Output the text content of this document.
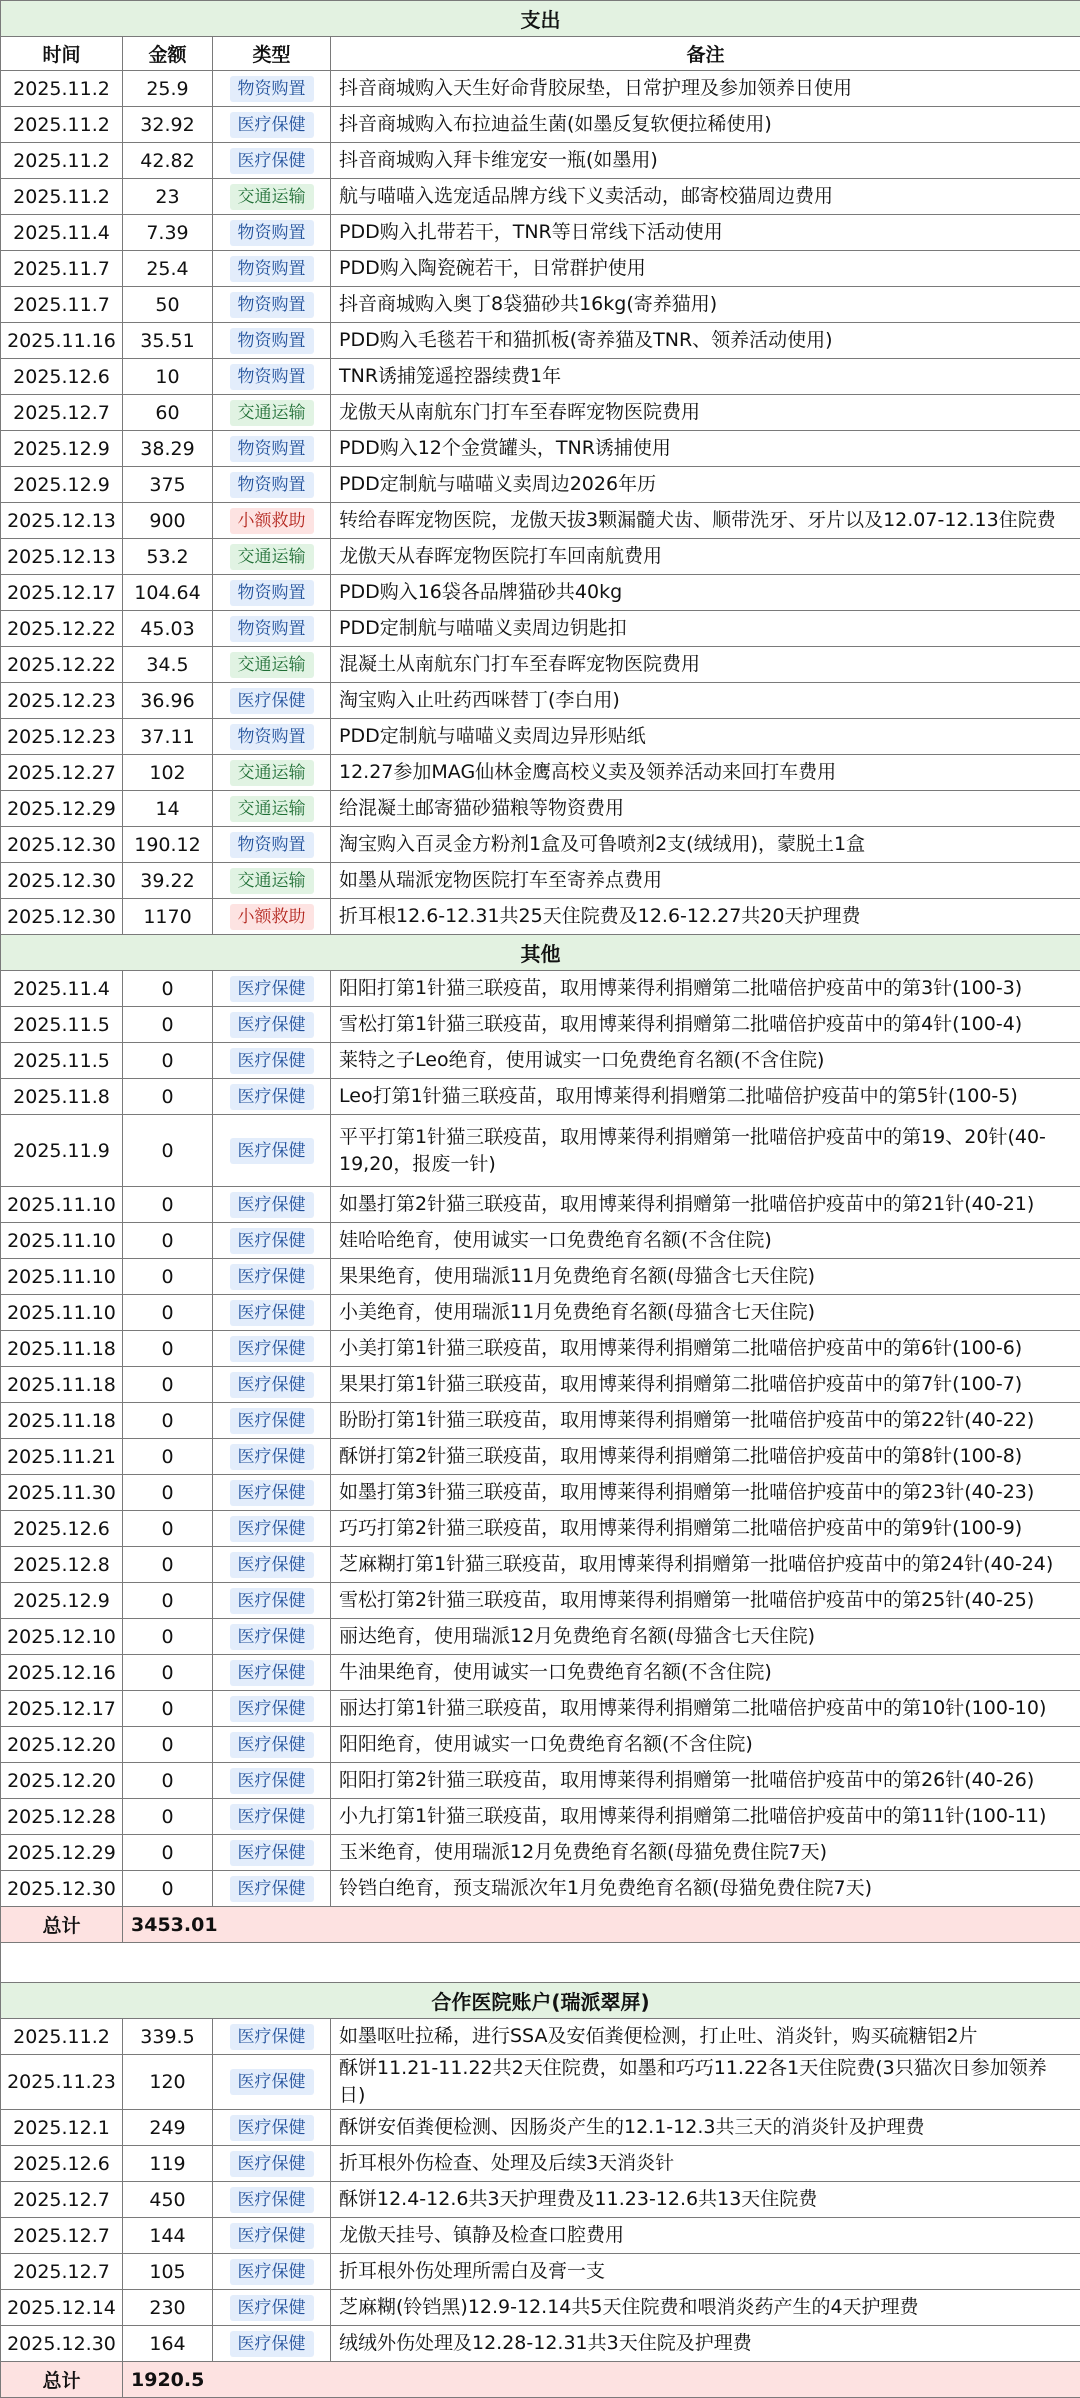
支出			
时间	金额	类型	备注
2025.11.2	25.9	物资购置	抖音商城购入天生好命背胶尿垫，日常护理及参加领养日使用
2025.11.2	32.92	医疗保健	抖音商城购入布拉迪益生菌(如墨反复软便拉稀使用)
2025.11.2	42.82	医疗保健	抖音商城购入拜卡维宠安一瓶(如墨用)
2025.11.2	23	交通运输	航与喵喵入选宠适品牌方线下义卖活动，邮寄校猫周边费用
2025.11.4	7.39	物资购置	PDD购入扎带若干，TNR等日常线下活动使用
2025.11.7	25.4	物资购置	PDD购入陶瓷碗若干，日常群护使用
2025.11.7	50	物资购置	抖音商城购入奥丁8袋猫砂共16kg(寄养猫用)
2025.11.16	35.51	物资购置	PDD购入毛毯若干和猫抓板(寄养猫及TNR、领养活动使用)
2025.12.6	10	物资购置	TNR诱捕笼遥控器续费1年
2025.12.7	60	交通运输	龙傲天从南航东门打车至春晖宠物医院费用
2025.12.9	38.29	物资购置	PDD购入12个金赏罐头，TNR诱捕使用
2025.12.9	375	物资购置	PDD定制航与喵喵义卖周边2026年历
2025.12.13	900	小额救助	转给春晖宠物医院，龙傲天拔3颗漏髓犬齿、顺带洗牙、牙片以及12.07-12.13住院费
2025.12.13	53.2	交通运输	龙傲天从春晖宠物医院打车回南航费用
2025.12.17	104.64	物资购置	PDD购入16袋各品牌猫砂共40kg
2025.12.22	45.03	物资购置	PDD定制航与喵喵义卖周边钥匙扣
2025.12.22	34.5	交通运输	混凝土从南航东门打车至春晖宠物医院费用
2025.12.23	36.96	医疗保健	淘宝购入止吐药西咪替丁(李白用)
2025.12.23	37.11	物资购置	PDD定制航与喵喵义卖周边异形贴纸
2025.12.27	102	交通运输	12.27参加MAG仙林金鹰高校义卖及领养活动来回打车费用
2025.12.29	14	交通运输	给混凝土邮寄猫砂猫粮等物资费用
2025.12.30	190.12	物资购置	淘宝购入百灵金方粉剂1盒及可鲁喷剂2支(绒绒用)，蒙脱土1盒
2025.12.30	39.22	交通运输	如墨从瑞派宠物医院打车至寄养点费用
2025.12.30	1170	小额救助	折耳根12.6-12.31共25天住院费及12.6-12.27共20天护理费
其他			
2025.11.4	0	医疗保健	阳阳打第1针猫三联疫苗，取用博莱得利捐赠第二批喵倍护疫苗中的第3针(100-3)
2025.11.5	0	医疗保健	雪松打第1针猫三联疫苗，取用博莱得利捐赠第二批喵倍护疫苗中的第4针(100-4)
2025.11.5	0	医疗保健	莱特之子Leo绝育，使用诚实一口免费绝育名额(不含住院)
2025.11.8	0	医疗保健	Leo打第1针猫三联疫苗，取用博莱得利捐赠第二批喵倍护疫苗中的第5针(100-5)
2025.11.9	0	医疗保健	平平打第1针猫三联疫苗，取用博莱得利捐赠第一批喵倍护疫苗中的第19、20针(40-19,20，报废一针)
2025.11.10	0	医疗保健	如墨打第2针猫三联疫苗，取用博莱得利捐赠第一批喵倍护疫苗中的第21针(40-21)
2025.11.10	0	医疗保健	娃哈哈绝育，使用诚实一口免费绝育名额(不含住院)
2025.11.10	0	医疗保健	果果绝育，使用瑞派11月免费绝育名额(母猫含七天住院)
2025.11.10	0	医疗保健	小美绝育，使用瑞派11月免费绝育名额(母猫含七天住院)
2025.11.18	0	医疗保健	小美打第1针猫三联疫苗，取用博莱得利捐赠第二批喵倍护疫苗中的第6针(100-6)
2025.11.18	0	医疗保健	果果打第1针猫三联疫苗，取用博莱得利捐赠第二批喵倍护疫苗中的第7针(100-7)
2025.11.18	0	医疗保健	盼盼打第1针猫三联疫苗，取用博莱得利捐赠第一批喵倍护疫苗中的第22针(40-22)
2025.11.21	0	医疗保健	酥饼打第2针猫三联疫苗，取用博莱得利捐赠第二批喵倍护疫苗中的第8针(100-8)
2025.11.30	0	医疗保健	如墨打第3针猫三联疫苗，取用博莱得利捐赠第一批喵倍护疫苗中的第23针(40-23)
2025.12.6	0	医疗保健	巧巧打第2针猫三联疫苗，取用博莱得利捐赠第二批喵倍护疫苗中的第9针(100-9)
2025.12.8	0	医疗保健	芝麻糊打第1针猫三联疫苗，取用博莱得利捐赠第一批喵倍护疫苗中的第24针(40-24)
2025.12.9	0	医疗保健	雪松打第2针猫三联疫苗，取用博莱得利捐赠第一批喵倍护疫苗中的第25针(40-25)
2025.12.10	0	医疗保健	丽达绝育，使用瑞派12月免费绝育名额(母猫含七天住院)
2025.12.16	0	医疗保健	牛油果绝育，使用诚实一口免费绝育名额(不含住院)
2025.12.17	0	医疗保健	丽达打第1针猫三联疫苗，取用博莱得利捐赠第二批喵倍护疫苗中的第10针(100-10)
2025.12.20	0	医疗保健	阳阳绝育，使用诚实一口免费绝育名额(不含住院)
2025.12.20	0	医疗保健	阳阳打第2针猫三联疫苗，取用博莱得利捐赠第一批喵倍护疫苗中的第26针(40-26)
2025.12.28	0	医疗保健	小九打第1针猫三联疫苗，取用博莱得利捐赠第二批喵倍护疫苗中的第11针(100-11)
2025.12.29	0	医疗保健	玉米绝育，使用瑞派12月免费绝育名额(母猫免费住院7天)
2025.12.30	0	医疗保健	铃铛白绝育，预支瑞派次年1月免费绝育名额(母猫免费住院7天)
总计	3453.01		

合作医院账户(瑞派翠屏)			
2025.11.2	339.5	医疗保健	如墨呕吐拉稀，进行SSA及安佰粪便检测，打止吐、消炎针，购买硫糖铝2片
2025.11.23	120	医疗保健	酥饼11.21-11.22共2天住院费，如墨和巧巧11.22各1天住院费(3只猫次日参加领养日)
2025.12.1	249	医疗保健	酥饼安佰粪便检测、因肠炎产生的12.1-12.3共三天的消炎针及护理费
2025.12.6	119	医疗保健	折耳根外伤检查、处理及后续3天消炎针
2025.12.7	450	医疗保健	酥饼12.4-12.6共3天护理费及11.23-12.6共13天住院费
2025.12.7	144	医疗保健	龙傲天挂号、镇静及检查口腔费用
2025.12.7	105	医疗保健	折耳根外伤处理所需白及膏一支
2025.12.14	230	医疗保健	芝麻糊(铃铛黑)12.9-12.14共5天住院费和喂消炎药产生的4天护理费
2025.12.30	164	医疗保健	绒绒外伤处理及12.28-12.31共3天住院及护理费
总计	1920.5		
